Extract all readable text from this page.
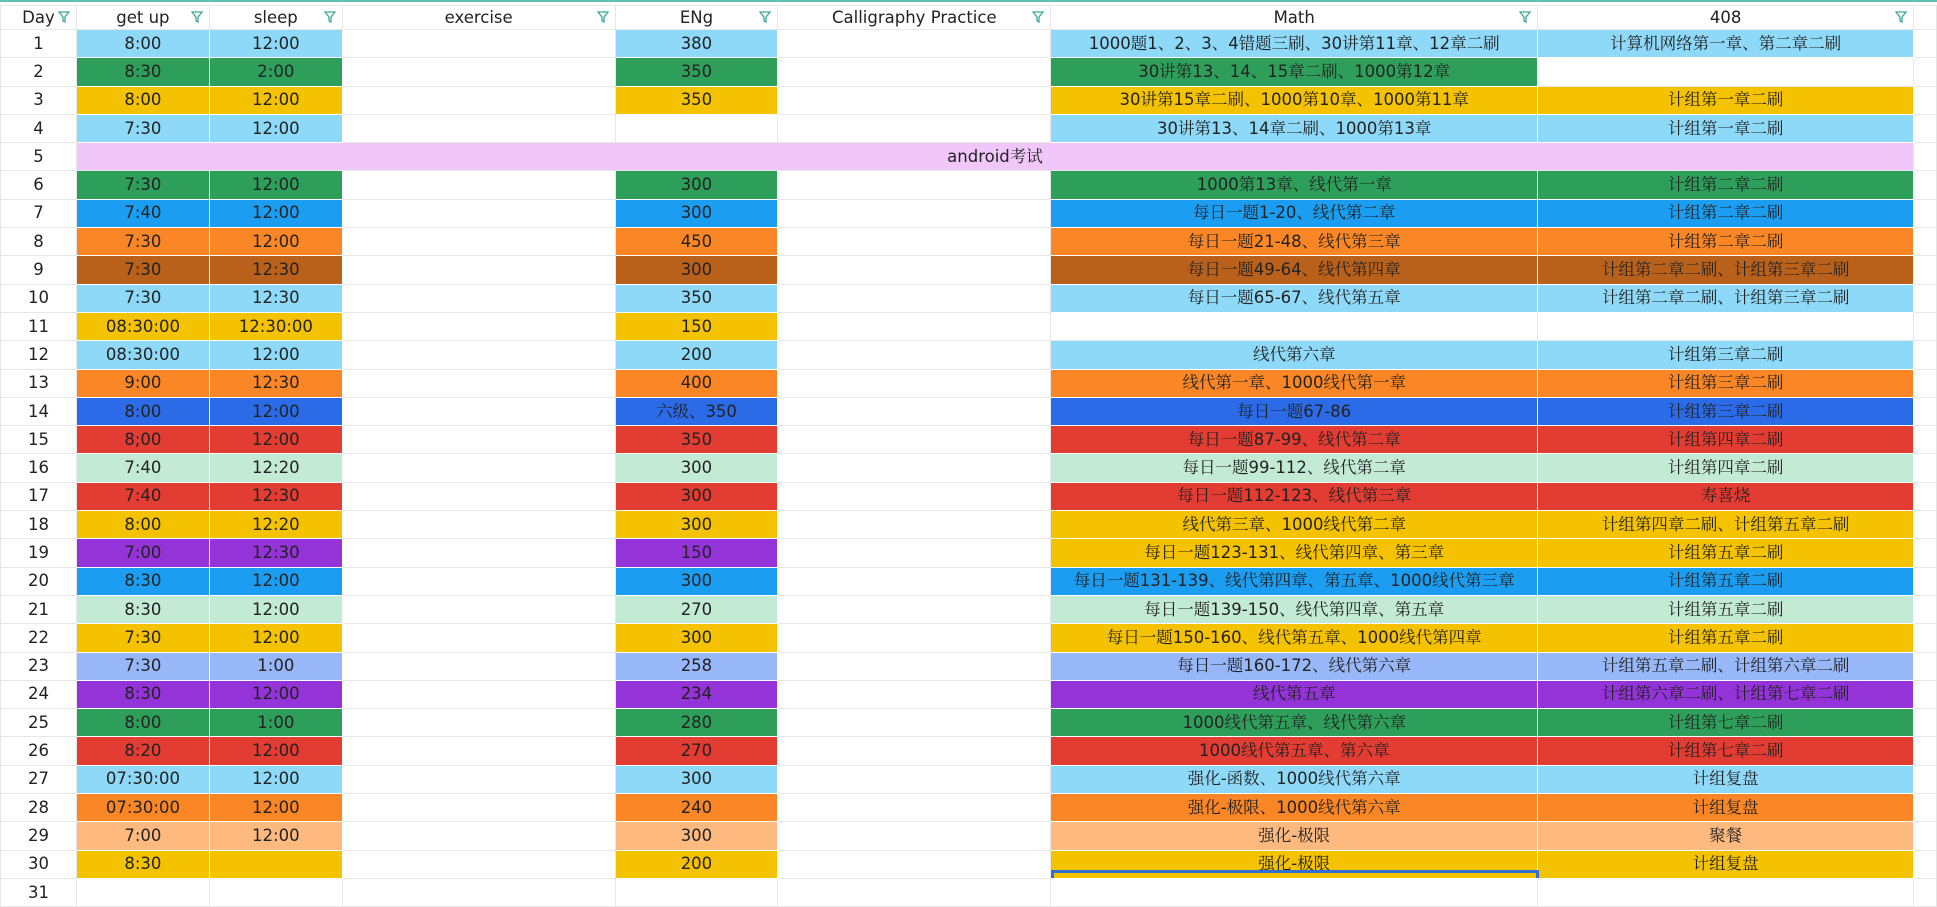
Day	get up	sleep	exercise	ENg	Calligraphy Practice	Math	408

1	8:00	12:00		380		1000题1、2、3、4错题三刷、30讲第11章、12章二刷	计算机网络第一章、第二章二刷	
2	8:30	2:00		350		30讲第13、14、15章二刷、1000第12章		
3	8:00	12:00		350		30讲第15章二刷、1000第10章、1000第11章	计组第一章二刷	
4	7:30	12:00				30讲第13、14章二刷、1000第13章	计组第一章二刷	
5	android考试							
6	7:30	12:00		300		1000第13章、线代第一章	计组第二章二刷	
7	7:40	12:00		300		每日一题1-20、线代第二章	计组第二章二刷	
8	7:30	12:00		450		每日一题21-48、线代第三章	计组第二章二刷	
9	7:30	12:30		300		每日一题49-64、线代第四章	计组第二章二刷、计组第三章二刷	
10	7:30	12:30		350		每日一题65-67、线代第五章	计组第二章二刷、计组第三章二刷	
11	08:30:00	12:30:00		150				
12	08:30:00	12:00		200		线代第六章	计组第三章二刷	
13	9:00	12:30		400		线代第一章、1000线代第一章	计组第三章二刷	
14	8:00	12:00		六级、350		每日一题67-86	计组第三章二刷	
15	8;00	12:00		350		每日一题87-99、线代第二章	计组第四章二刷	
16	7:40	12:20		300		每日一题99-112、线代第二章	计组第四章二刷	
17	7:40	12:30		300		每日一题112-123、线代第三章	寿喜烧	
18	8:00	12:20		300		线代第三章、1000线代第二章	计组第四章二刷、计组第五章二刷	
19	7:00	12:30		150		每日一题123-131、线代第四章、第三章	计组第五章二刷	
20	8:30	12:00		300		每日一题131-139、线代第四章、第五章、1000线代第三章	计组第五章二刷	
21	8:30	12:00		270		每日一题139-150、线代第四章、第五章	计组第五章二刷	
22	7:30	12:00		300		每日一题150-160、线代第五章、1000线代第四章	计组第五章二刷	
23	7:30	1:00		258		每日一题160-172、线代第六章	计组第五章二刷、计组第六章二刷	
24	8:30	12:00		234		线代第五章	计组第六章二刷、计组第七章二刷	
25	8:00	1:00		280		1000线代第五章、线代第六章	计组第七章二刷	
26	8:20	12:00		270		1000线代第五章、第六章	计组第七章二刷	
27	07:30:00	12:00		300		强化-函数、1000线代第六章	计组复盘	
28	07:30:00	12:00		240		强化-极限、1000线代第六章	计组复盘	
29	7:00	12:00		300		强化-极限	聚餐	
30	8:30			200		强化-极限	计组复盘	
31								
